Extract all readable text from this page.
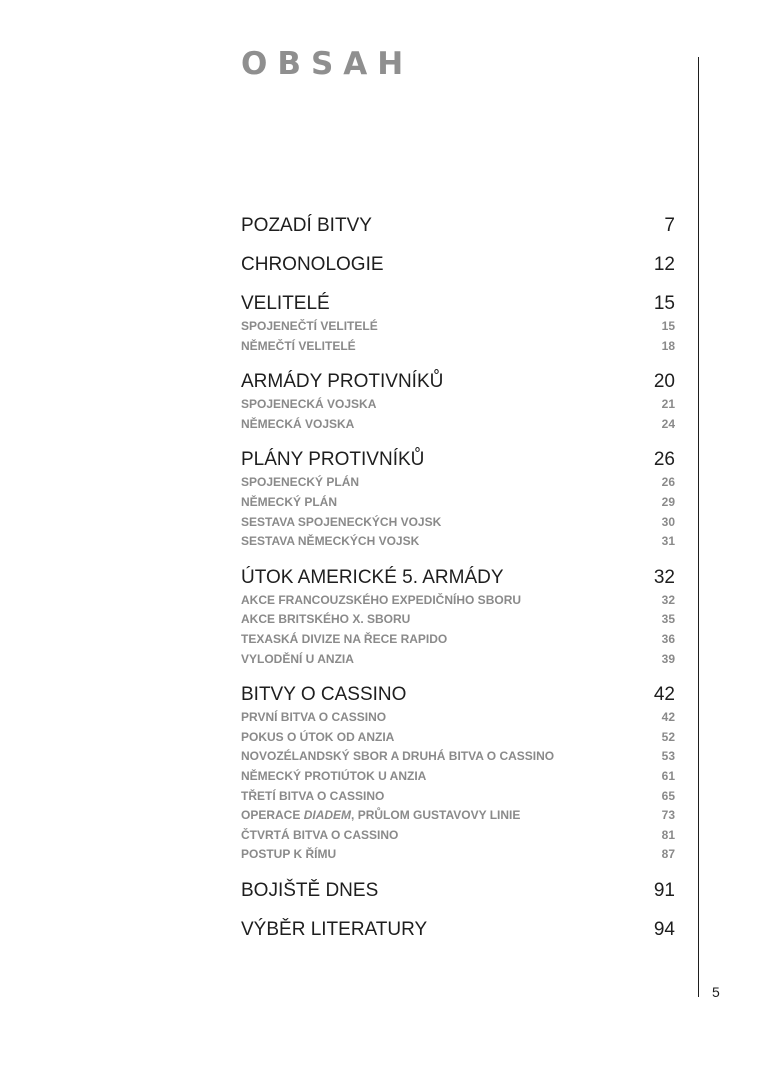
OBSAH
5
POZADÍ BITVY	7
CHRONOLOGIE	12
VELITELÉ	15
SPOJENEČTÍ VELITELÉ	15
NĚMEČTÍ VELITELÉ	18
ARMÁDY PROTIVNÍKŮ	20
SPOJENECKÁ VOJSKA	21
NĚMECKÁ VOJSKA	24
PLÁNY PROTIVNÍKŮ	26
SPOJENECKÝ PLÁN	26
NĚMECKÝ PLÁN	29
SESTAVA SPOJENECKÝCH VOJSK	30
SESTAVA NĚMECKÝCH VOJSK	31
ÚTOK AMERICKÉ 5. ARMÁDY	32
AKCE FRANCOUZSKÉHO EXPEDIČNÍHO SBORU	32
AKCE BRITSKÉHO X. SBORU	35
TEXASKÁ DIVIZE NA ŘECE RAPIDO	36
VYLODĚNÍ U ANZIA	39
BITVY O CASSINO	42
PRVNÍ BITVA O CASSINO	42
POKUS O ÚTOK OD ANZIA	52
NOVOZÉLANDSKÝ SBOR A DRUHÁ BITVA O CASSINO	53
NĚMECKÝ PROTIÚTOK U ANZIA	61
TŘETÍ BITVA O CASSINO	65
OPERACE DIADEM, PRŮLOM GUSTAVOVY LINIE	73
ČTVRTÁ BITVA O CASSINO	81
POSTUP K ŘÍMU	87
BOJIŠTĚ DNES	91
VÝBĚR LITERATURY	94
